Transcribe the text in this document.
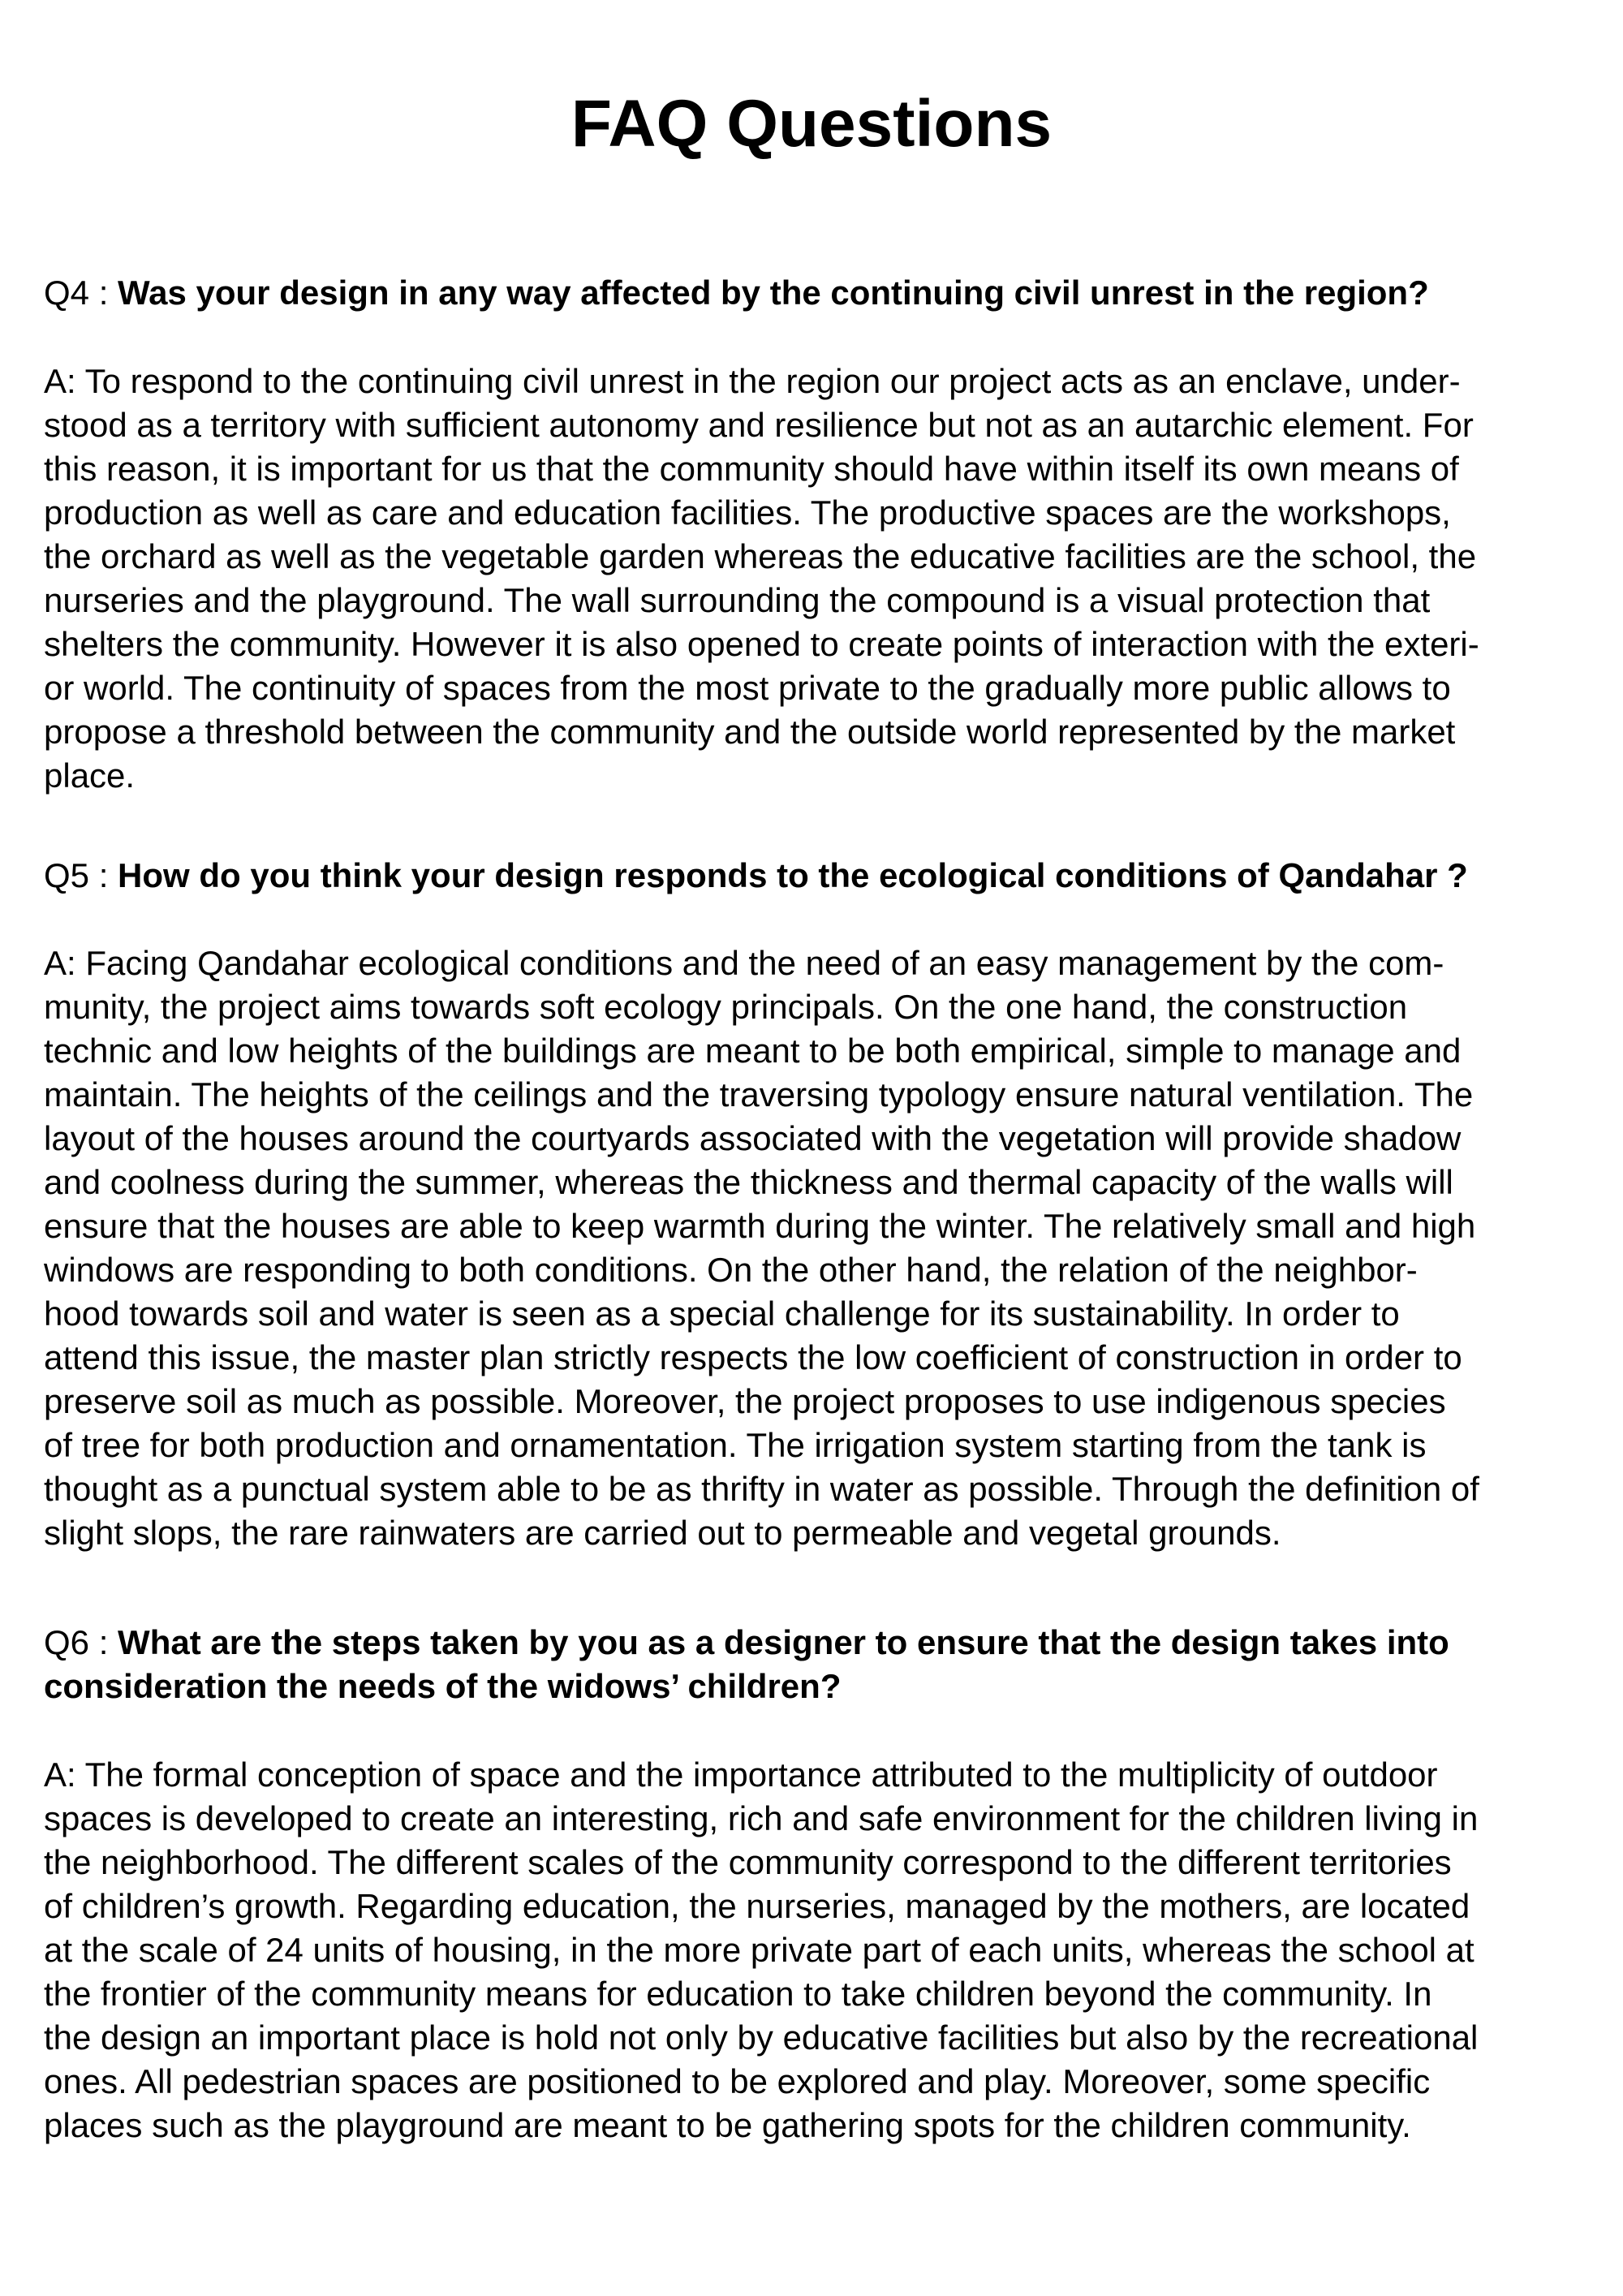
FAQ Questions

Q4 : Was your design in any way affected by the continuing civil unrest in the region?

A: To respond to the continuing civil unrest in the region our project acts as an enclave, under-
stood as a territory with sufficient autonomy and resilience but not as an autarchic element. For
this reason, it is important for us that the community should have within itself its own means of
production as well as care and education facilities. The productive spaces are the workshops,
the orchard as well as the vegetable garden whereas the educative facilities are the school, the
nurseries and the playground. The wall surrounding the compound is a visual protection that
shelters the community. However it is also opened to create points of interaction with the exteri-
or world. The continuity of spaces from the most private to the gradually more public allows to
propose a threshold between the community and the outside world represented by the market
place.

Q5 : How do you think your design responds to the ecological conditions of Qandahar ?

A: Facing Qandahar ecological conditions and the need of an easy management by the com-
munity, the project aims towards soft ecology principals. On the one hand, the construction
technic and low heights of the buildings are meant to be both empirical, simple to manage and
maintain. The heights of the ceilings and the traversing typology ensure natural ventilation. The
layout of the houses around the courtyards associated with the vegetation will provide shadow
and coolness during the summer, whereas the thickness and thermal capacity of the walls will
ensure that the houses are able to keep warmth during the winter. The relatively small and high
windows are responding to both conditions. On the other hand, the relation of the neighbor-
hood towards soil and water is seen as a special challenge for its sustainability. In order to
attend this issue, the master plan strictly respects the low coefficient of construction in order to
preserve soil as much as possible. Moreover, the project proposes to use indigenous species
of tree for both production and ornamentation. The irrigation system starting from the tank is
thought as a punctual system able to be as thrifty in water as possible. Through the definition of
slight slops, the rare rainwaters are carried out to permeable and vegetal grounds.

Q6 : What are the steps taken by you as a designer to ensure that the design takes into consideration the needs of the widows’ children?

A: The formal conception of space and the importance attributed to the multiplicity of outdoor
spaces is developed to create an interesting, rich and safe environment for the children living in
the neighborhood. The different scales of the community correspond to the different territories
of children’s growth. Regarding education, the nurseries, managed by the mothers, are located
at the scale of 24 units of housing, in the more private part of each units, whereas the school at
the frontier of the community means for education to take children beyond the community. In
the design an important place is hold not only by educative facilities but also by the recreational
ones. All pedestrian spaces are positioned to be explored and play. Moreover, some specific
places such as the playground are meant to be gathering spots for the children community.
